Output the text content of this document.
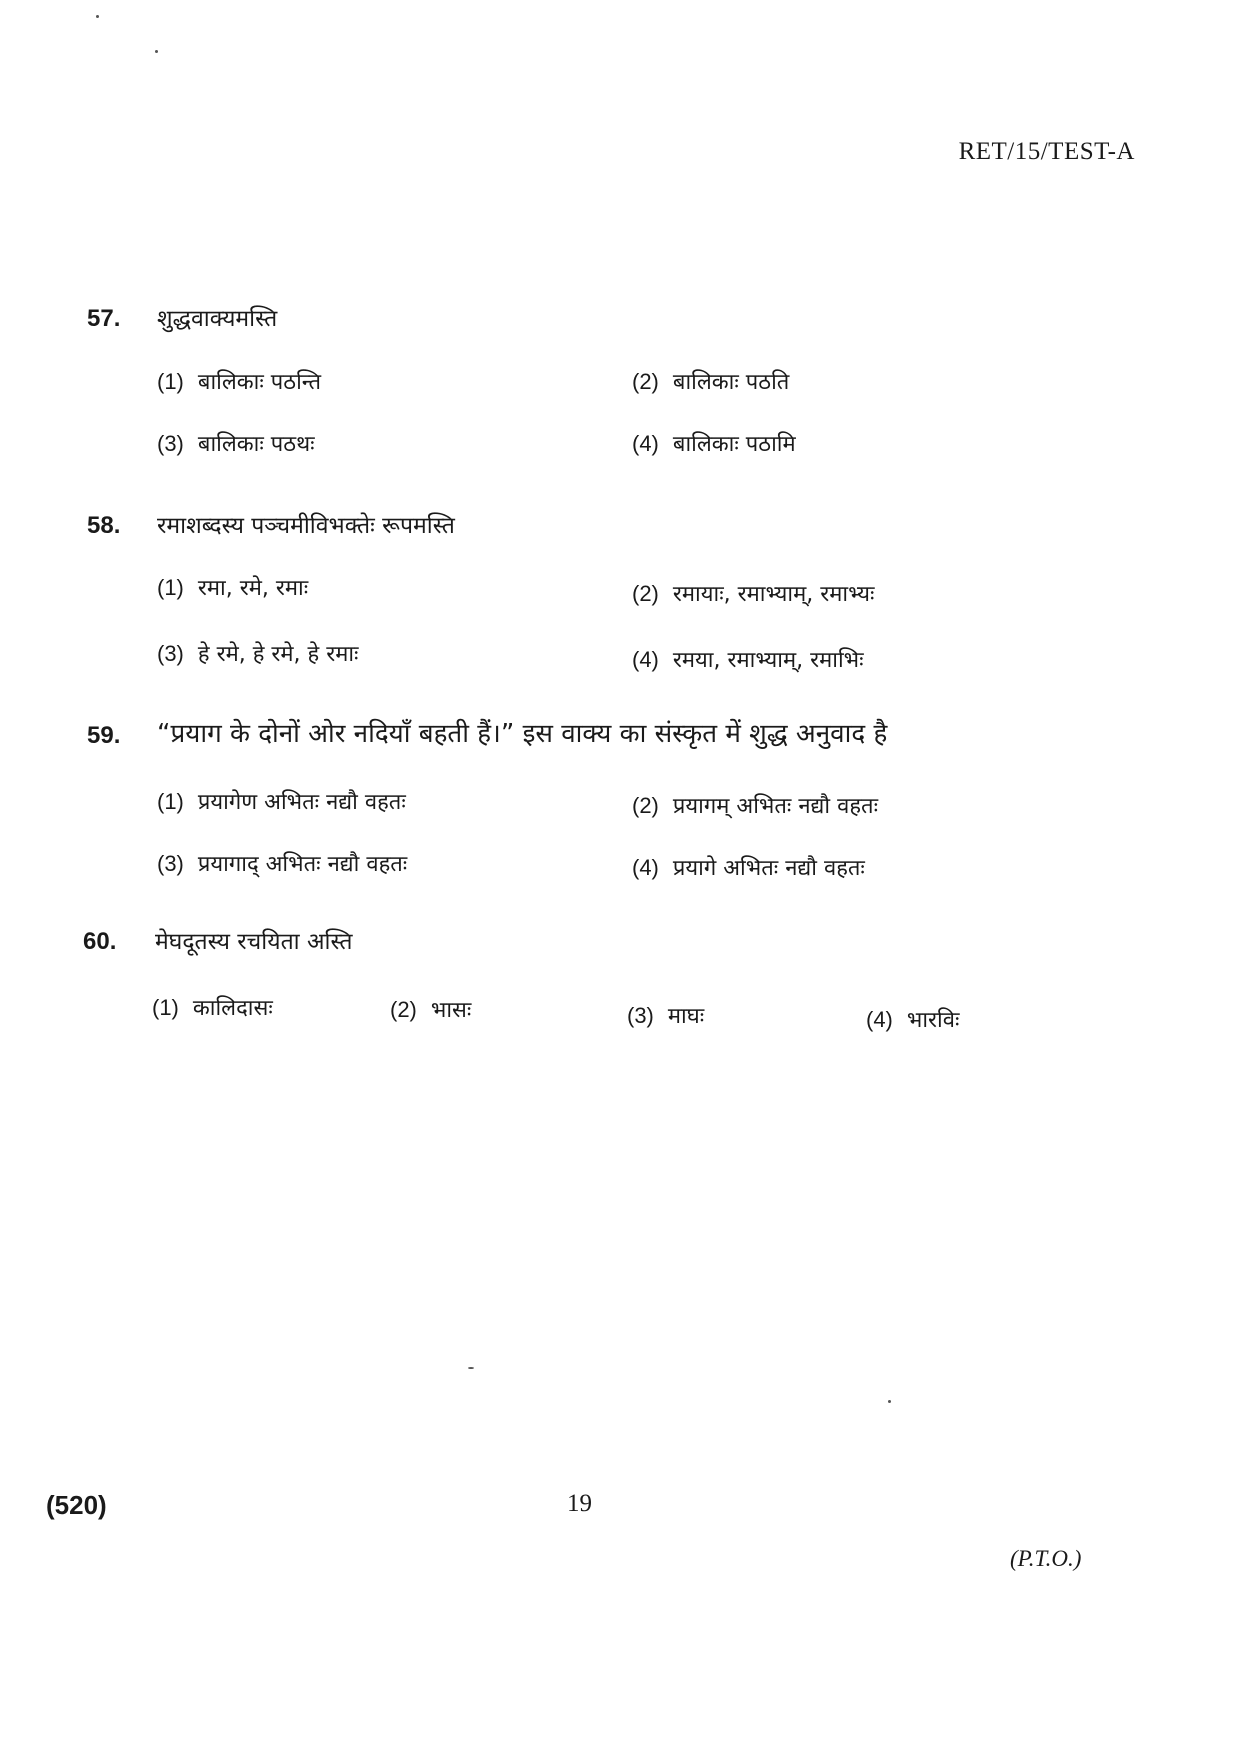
RET/15/TEST-A
57. शुद्धवाक्यमस्ति
(1) बालिकाः पठन्ति	(2) बालिकाः पठति
(3) बालिकाः पठथः	(4) बालिकाः पठामि
58. रमाशब्दस्य पञ्चमीविभक्तेः रूपमस्ति
(1) रमा, रमे, रमाः	(2) रमायाः, रमाभ्याम्, रमाभ्यः
(3) हे रमे, हे रमे, हे रमाः	(4) रमया, रमाभ्याम्, रमाभिः
59. “प्रयाग के दोनों ओर नदियाँ बहती हैं।” इस वाक्य का संस्कृत में शुद्ध अनुवाद है
(1) प्रयागेण अभितः नद्यौ वहतः	(2) प्रयागम् अभितः नद्यौ वहतः
(3) प्रयागाद् अभितः नद्यौ वहतः	(4) प्रयागे अभितः नद्यौ वहतः
60. मेघदूतस्य रचयिता अस्ति
(1) कालिदासः	(2) भासः	(3) माघः	(4) भारविः
(520)	19
(P.T.O.)
